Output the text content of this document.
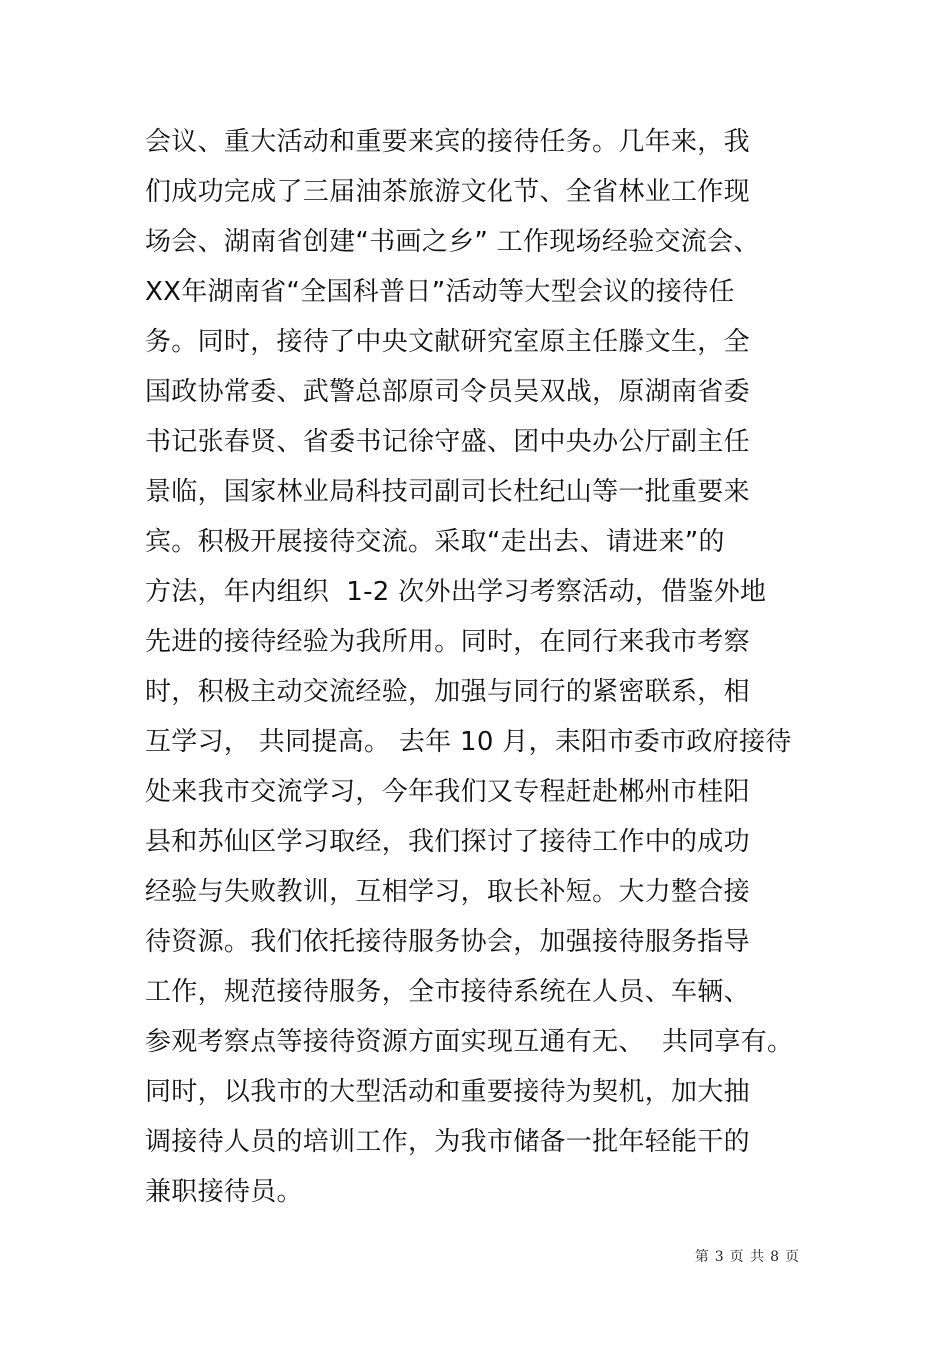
会议、重大活动和重要来宾的接待任务。几年来，我
们成功完成了三届油茶旅游文化节、全省林业工作现
场会、湖南省创建“书画之乡” 工作现场经验交流会、
XX年湖南省“全国科普日”活动等大型会议的接待任
务。同时，接待了中央文献研究室原主任滕文生，全
国政协常委、武警总部原司令员吴双战，原湖南省委
书记张春贤、省委书记徐守盛、团中央办公厅副主任
景临，国家林业局科技司副司长杜纪山等一批重要来
宾。积极开展接待交流。采取“走出去、请进来”的
方法，年内组织  1-2 次外出学习考察活动，借鉴外地
先进的接待经验为我所用。同时，在同行来我市考察
时，积极主动交流经验，加强与同行的紧密联系，相
互学习， 共同提高。 去年 10 月，耒阳市委市政府接待
处来我市交流学习，今年我们又专程赶赴郴州市桂阳
县和苏仙区学习取经，我们探讨了接待工作中的成功
经验与失败教训，互相学习，取长补短。大力整合接
待资源。我们依托接待服务协会，加强接待服务指导
工作，规范接待服务，全市接待系统在人员、车辆、
参观考察点等接待资源方面实现互通有无、  共同享有。
同时，以我市的大型活动和重要接待为契机，加大抽
调接待人员的培训工作，为我市储备一批年轻能干的
兼职接待员。
第 3 页 共 8 页
